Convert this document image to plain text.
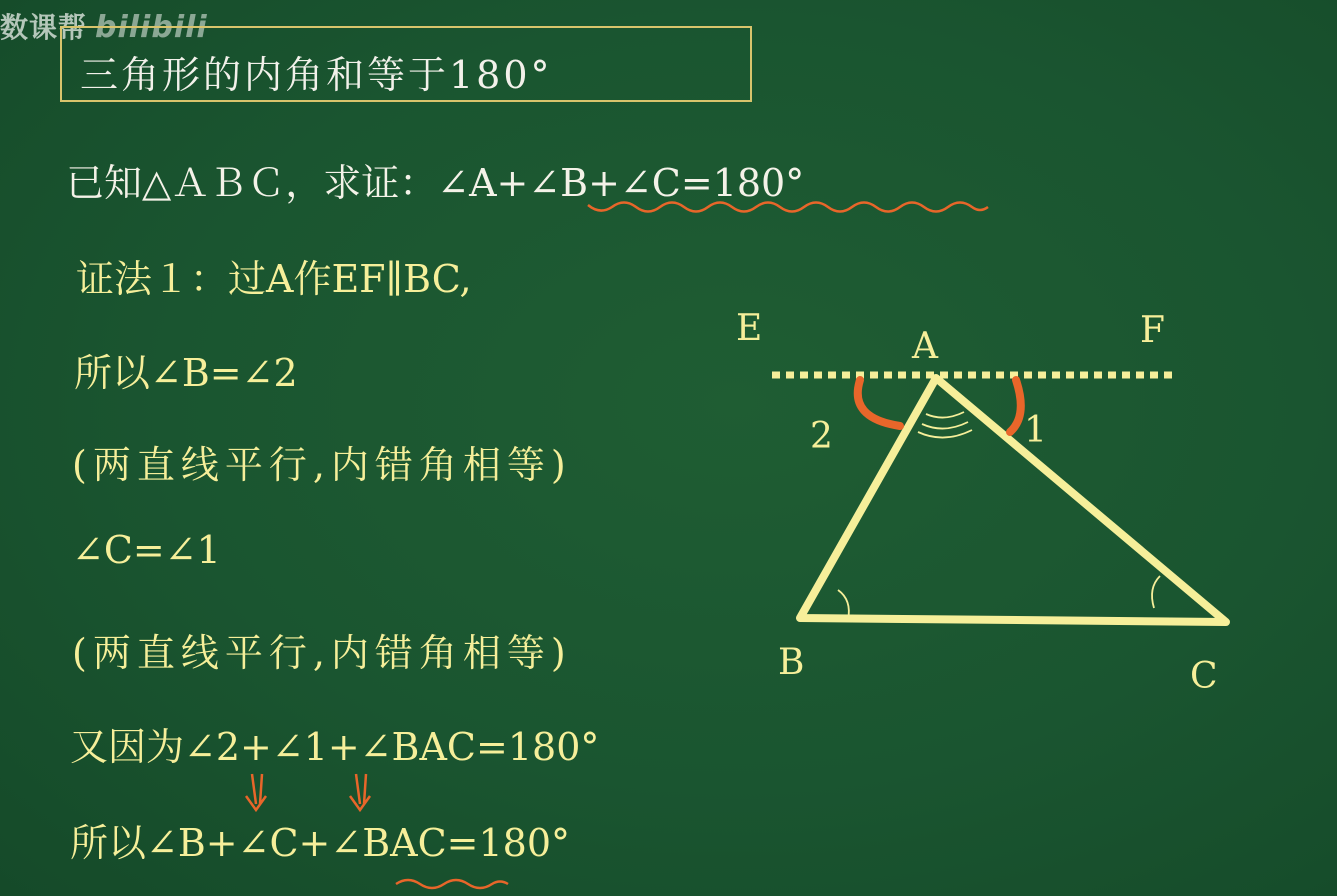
数课帮 bilibili
三角形的内角和等于180°
已知△ＡＢＣ，求证：∠A+∠B+∠C=180°
证法１：过A作EF∥BC,
所以∠B=∠2
(两直线平行,内错角相等)
∠C=∠1
(两直线平行,内错角相等)
又因为∠2+∠1+∠BAC=180°
所以∠B+∠C+∠BAC=180°
E	F
A
B	C
1
2
